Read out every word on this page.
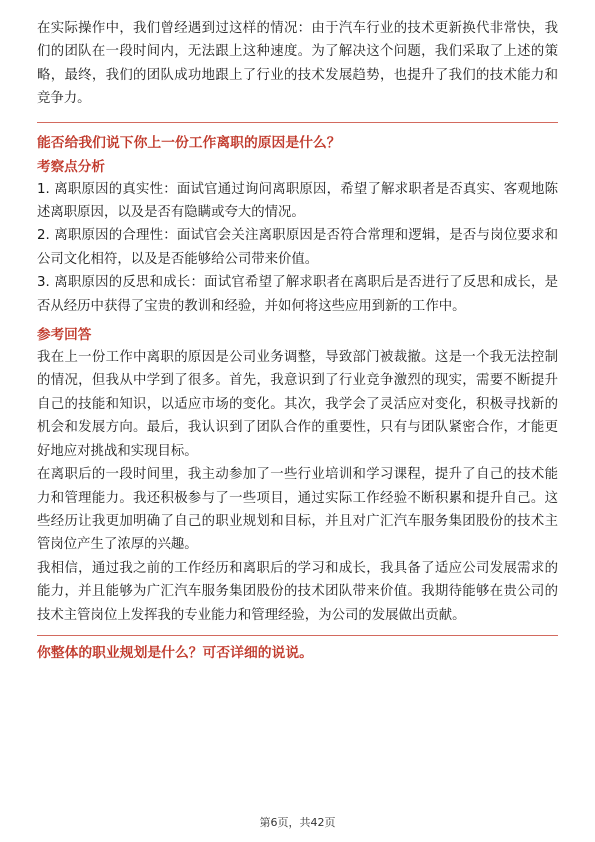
在实际操作中，我们曾经遇到过这样的情况：由于汽车行业的技术更新换代非常快，我们的团队在一段时间内，无法跟上这种速度。为了解决这个问题，我们采取了上述的策略，最终，我们的团队成功地跟上了行业的技术发展趋势，也提升了我们的技术能力和竞争力。

能否给我们说下你上一份工作离职的原因是什么？
考察点分析

1. 离职原因的真实性：面试官通过询问离职原因，希望了解求职者是否真实、客观地陈述离职原因，以及是否有隐瞒或夸大的情况。

2. 离职原因的合理性：面试官会关注离职原因是否符合常理和逻辑，是否与岗位要求和公司文化相符，以及是否能够给公司带来价值。

3. 离职原因的反思和成长：面试官希望了解求职者在离职后是否进行了反思和成长，是否从经历中获得了宝贵的教训和经验，并如何将这些应用到新的工作中。

参考回答

我在上一份工作中离职的原因是公司业务调整，导致部门被裁撤。这是一个我无法控制的情况，但我从中学到了很多。首先，我意识到了行业竞争激烈的现实，需要不断提升自己的技能和知识，以适应市场的变化。其次，我学会了灵活应对变化，积极寻找新的机会和发展方向。最后，我认识到了团队合作的重要性，只有与团队紧密合作，才能更好地应对挑战和实现目标。

在离职后的一段时间里，我主动参加了一些行业培训和学习课程，提升了自己的技术能力和管理能力。我还积极参与了一些项目，通过实际工作经验不断积累和提升自己。这些经历让我更加明确了自己的职业规划和目标，并且对广汇汽车服务集团股份的技术主管岗位产生了浓厚的兴趣。

我相信，通过我之前的工作经历和离职后的学习和成长，我具备了适应公司发展需求的能力，并且能够为广汇汽车服务集团股份的技术团队带来价值。我期待能够在贵公司的技术主管岗位上发挥我的专业能力和管理经验，为公司的发展做出贡献。

你整体的职业规划是什么？可否详细的说说。
第6页，共42页
